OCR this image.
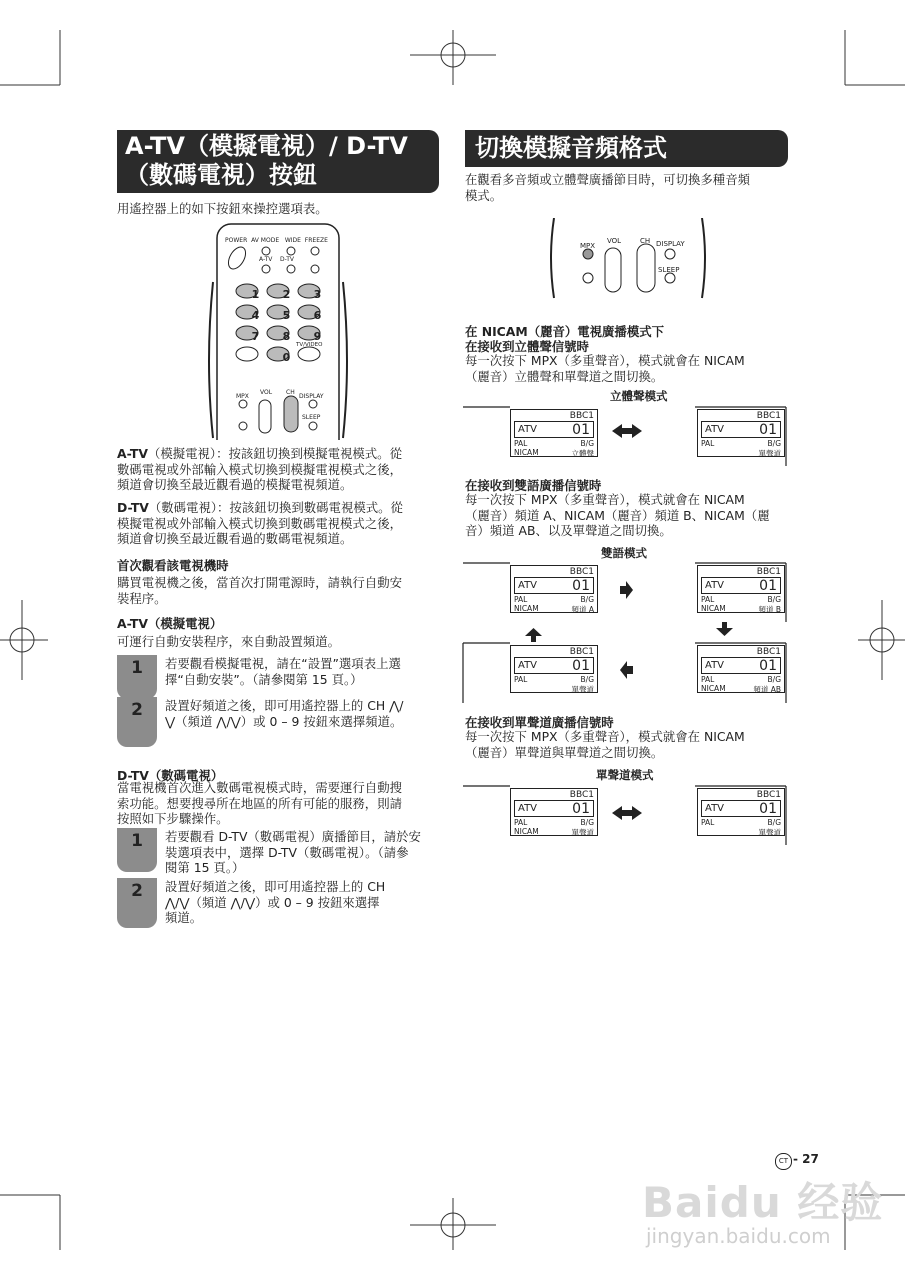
A-TV（模擬電視）/ D-TV
（數碼電視）按鈕
用遙控器上的如下按鈕來操控選項表。
POWER AV MODE WIDE FREEZE
A-TV D-TV
1 2 3
4 5 6
7 8 9
0
TV/VIDEO
MPX
VOL CH
DISPLAY
SLEEP
A-TV（模擬電視）：按該鈕切換到模擬電視模式。從
數碼電視或外部輸入模式切換到模擬電視模式之後，
頻道會切換至最近觀看過的模擬電視頻道。
D-TV（數碼電視）：按該鈕切換到數碼電視模式。從
模擬電視或外部輸入模式切換到數碼電視模式之後，
頻道會切換至最近觀看過的數碼電視頻道。
首次觀看該電視機時
購買電視機之後，當首次打開電源時，請執行自動安
裝程序。
A-TV（模擬電視）
可運行自動安裝程序，來自動設置頻道。
1	若要觀看模擬電視，請在“設置”選項表上選
擇“自動安裝”。（請參閱第 15 頁。）
2	設置好頻道之後，即可用遙控器上的 CH ⋀/
⋁（頻道 ⋀/⋁）或 0 – 9 按鈕來選擇頻道。
D-TV（數碼電視）
當電視機首次進入數碼電視模式時，需要運行自動搜
索功能。想要搜尋所在地區的所有可能的服務，則請
按照如下步驟操作。
1	若要觀看 D-TV（數碼電視）廣播節目，請於安
裝選項表中，選擇 D-TV（數碼電視）。（請參
閱第 15 頁。）
2	設置好頻道之後，即可用遙控器上的 CH
⋀/⋁（頻道 ⋀/⋁）或 0 – 9 按鈕來選擇
頻道。
切換模擬音頻格式
在觀看多音頻或立體聲廣播節目時，可切換多種音頻
模式。
MPX
VOL	CH DISPLAY
SLEEP
在 NICAM（麗音）電視廣播模式下
在接收到立體聲信號時
每一次按下 MPX（多重聲音），模式就會在 NICAM
（麗音）立體聲和單聲道之間切換。
立體聲模式
BBC1
ATV	01
PAL	B/G
NICAM	立體聲
BBC1
ATV	01
PAL	B/G
單聲道
BBC1
ATV	01
PAL	B/G
NICAM	頻道 A
BBC1
ATV	01
PAL	B/G
NICAM	頻道 B
BBC1
ATV	01
PAL	B/G
單聲道
BBC1
ATV	01
PAL	B/G
NICAM	頻道 AB
BBC1
ATV	01
PAL	B/G
NICAM	單聲道
BBC1
ATV	01
PAL	B/G
單聲道
在接收到雙語廣播信號時
每一次按下 MPX（多重聲音），模式就會在 NICAM
（麗音）頻道 A、NICAM（麗音）頻道 B、NICAM（麗
音）頻道 AB、以及單聲道之間切換。
雙語模式
在接收到單聲道廣播信號時
每一次按下 MPX（多重聲音），模式就會在 NICAM
（麗音）單聲道與單聲道之間切換。
單聲道模式
CT - 27
Baidu 经验
jingyan.baidu.com
